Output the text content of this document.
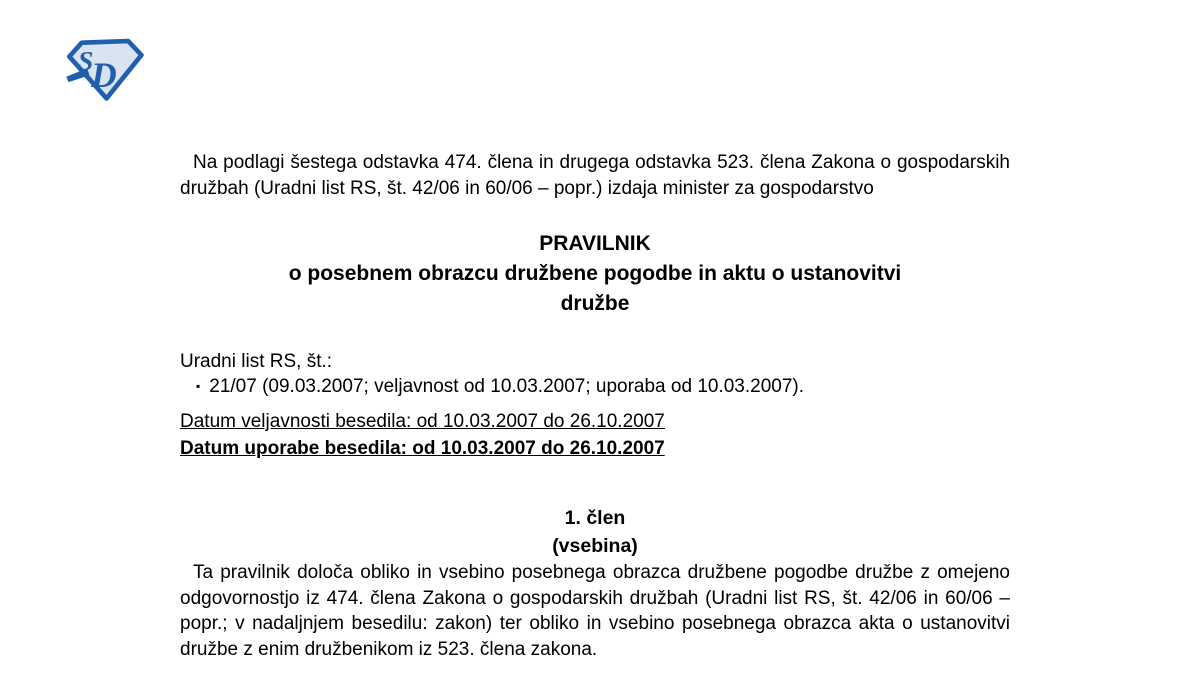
S
D

Na podlagi šestega odstavka 474. člena in drugega odstavka 523. člena Zakona o gospodarskih družbah (Uradni list RS, št. 42/06 in 60/06 – popr.) izdaja minister za gospodarstvo

PRAVILNIK
o posebnem obrazcu družbene pogodbe in aktu o ustanovitvi
družbe
Uradni list RS, št.:
▪ 21/07 (09.03.2007; veljavnost od 10.03.2007; uporaba od 10.03.2007).
Datum veljavnosti besedila: od 10.03.2007 do 26.10.2007
Datum uporabe besedila: od 10.03.2007 do 26.10.2007
1. člen
(vsebina)

Ta pravilnik določa obliko in vsebino posebnega obrazca družbene pogodbe družbe z omejeno odgovornostjo iz 474. člena Zakona o gospodarskih družbah (Uradni list RS, št. 42/06 in 60/06 – popr.; v nadaljnjem besedilu: zakon) ter obliko in vsebino posebnega obrazca akta o ustanovitvi družbe z enim družbenikom iz 523. člena zakona.
